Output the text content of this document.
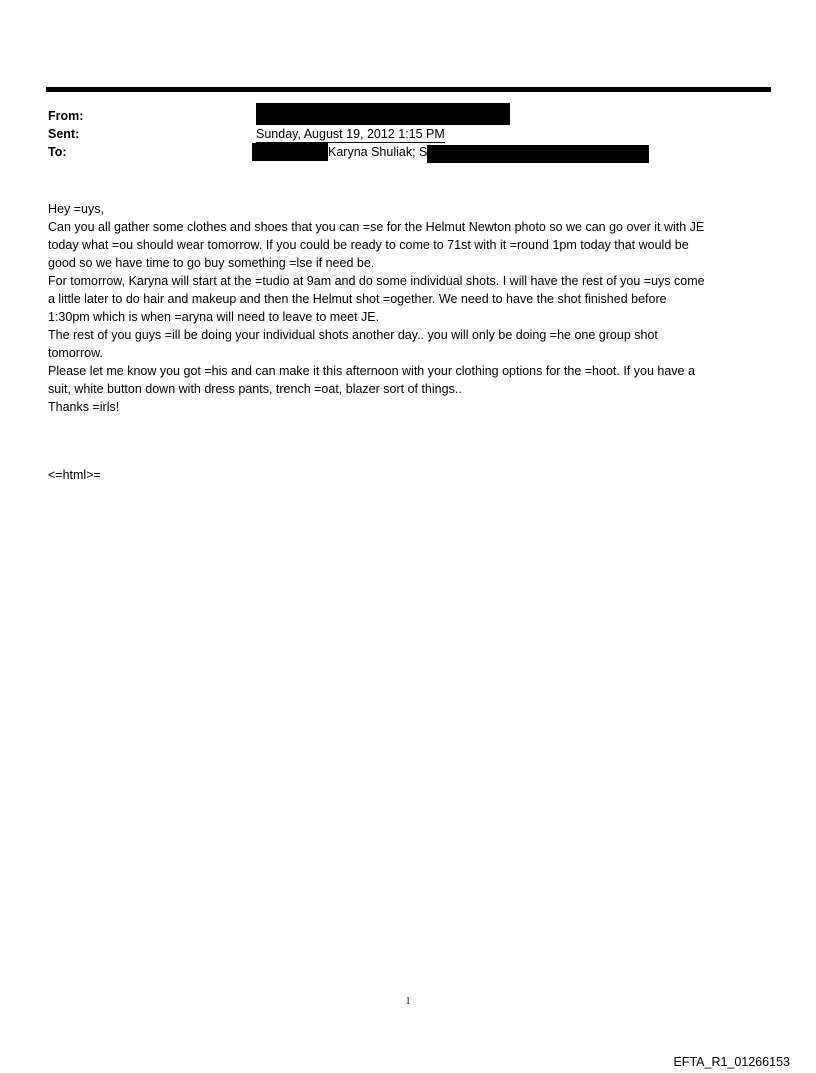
From:
Sent:	Sunday, August 19, 2012 1:15 PM
To:	Karyna Shuliak; S

Hey =uys,

Can you all gather some clothes and shoes that you can =se for the Helmut Newton photo so we can go over it with JE

today what =ou should wear tomorrow. If you could be ready to come to 71st with it =round 1pm today that would be

good so we have time to go buy something =lse if need be.

For tomorrow, Karyna will start at the =tudio at 9am and do some individual shots. I will have the rest of you =uys come

a little later to do hair and makeup and then the Helmut shot =ogether. We need to have the shot finished before

1:30pm which is when =aryna will need to leave to meet JE.

The rest of you guys =ill be doing your individual shots another day.. you will only be doing =he one group shot

tomorrow.

Please let me know you got =his and can make it this afternoon with your clothing options for the =hoot. If you have a

suit, white button down with dress pants, trench =oat, blazer sort of things..

Thanks =irls!

<=html>=
1
EFTA_R1_01266153
